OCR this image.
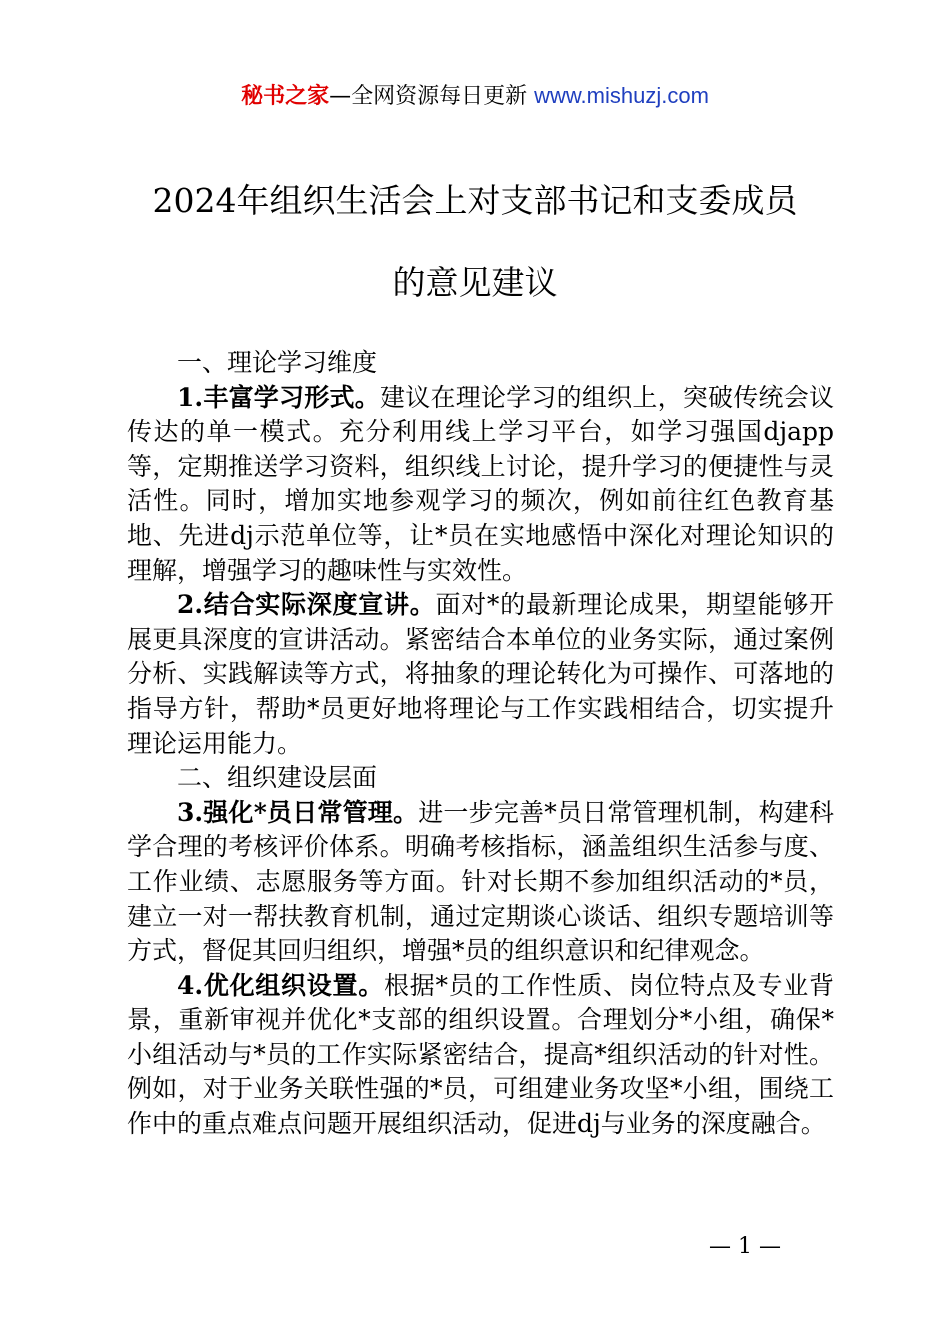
秘书之家—全网资源每日更新 www.mishuzj.com
2024年组织生活会上对支部书记和支委成员
的意见建议

一、理论学习维度

1.丰富学习形式。建议在理论学习的组织上，突破传统会议传达的单一模式。充分利用线上学习平台，如学习强国djapp等，定期推送学习资料，组织线上讨论，提升学习的便捷性与灵活性。同时，增加实地参观学习的频次，例如前往红色教育基地、先进dj示范单位等，让*员在实地感悟中深化对理论知识的理解，增强学习的趣味性与实效性。

2.结合实际深度宣讲。面对*的最新理论成果，期望能够开展更具深度的宣讲活动。紧密结合本单位的业务实际，通过案例分析、实践解读等方式，将抽象的理论转化为可操作、可落地的指导方针，帮助*员更好地将理论与工作实践相结合，切实提升理论运用能力。

二、组织建设层面

3.强化*员日常管理。进一步完善*员日常管理机制，构建科学合理的考核评价体系。明确考核指标，涵盖组织生活参与度、工作业绩、志愿服务等方面。针对长期不参加组织活动的*员，建立一对一帮扶教育机制，通过定期谈心谈话、组织专题培训等方式，督促其回归组织，增强*员的组织意识和纪律观念。

4.优化组织设置。根据*员的工作性质、岗位特点及专业背景，重新审视并优化*支部的组织设置。合理划分*小组，确保*小组活动与*员的工作实际紧密结合，提高*组织活动的针对性。例如，对于业务关联性强的*员，可组建业务攻坚*小组，围绕工作中的重点难点问题开展组织活动，促进dj与业务的深度融合。

— 1 —
